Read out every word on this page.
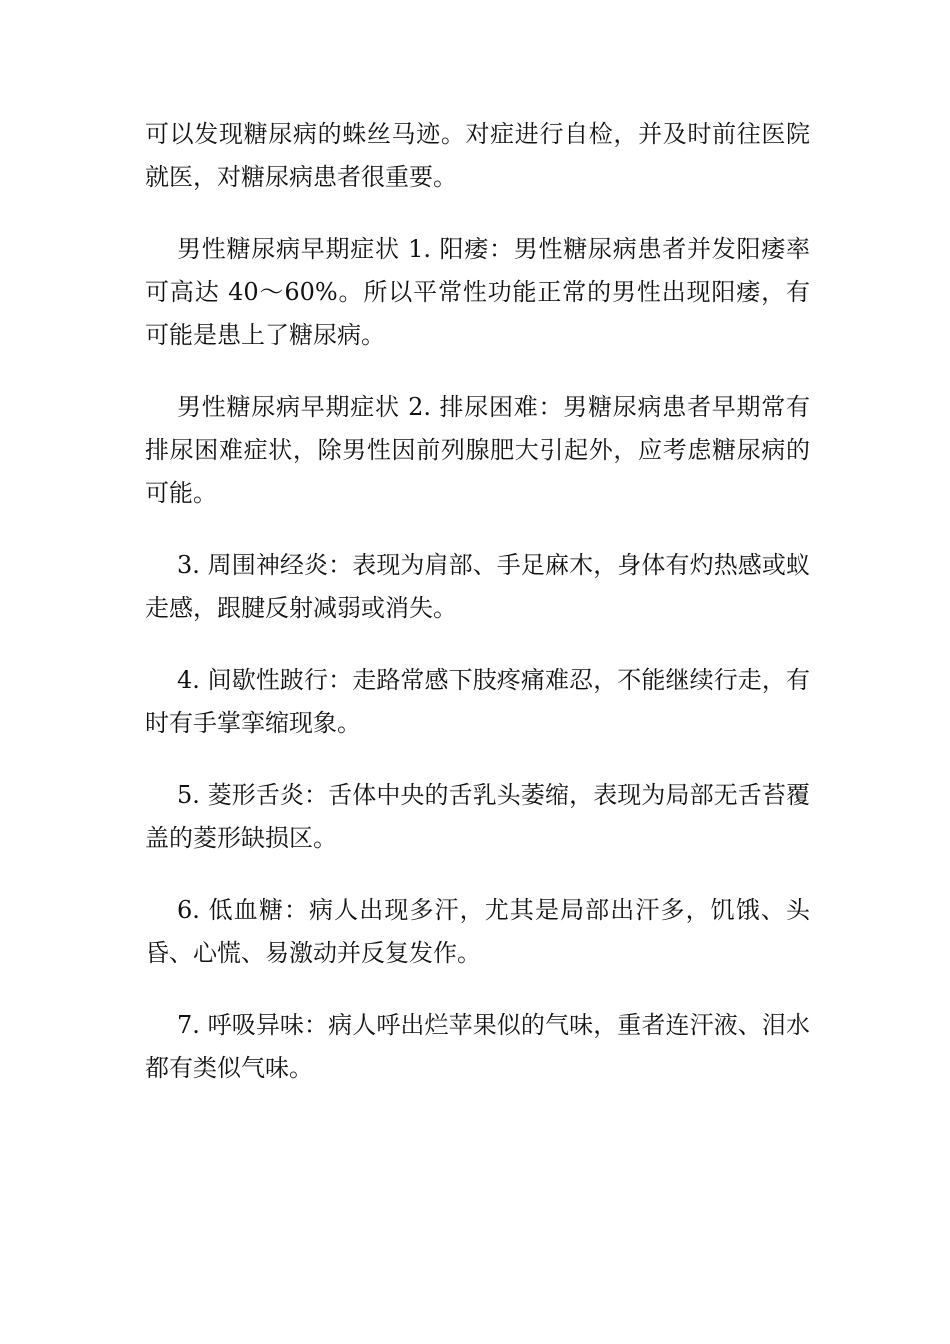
可以发现糖尿病的蛛丝马迹。对症进行自检，并及时前往医院就医，对糖尿病患者很重要。

男性糖尿病早期症状 1. 阳痿：男性糖尿病患者并发阳痿率可高达 40～60%。所以平常性功能正常的男性出现阳痿，有可能是患上了糖尿病。

男性糖尿病早期症状 2. 排尿困难：男糖尿病患者早期常有排尿困难症状，除男性因前列腺肥大引起外，应考虑糖尿病的可能。

3. 周围神经炎：表现为肩部、手足麻木，身体有灼热感或蚁走感，跟腱反射减弱或消失。

4. 间歇性跛行：走路常感下肢疼痛难忍，不能继续行走，有时有手掌挛缩现象。

5. 菱形舌炎：舌体中央的舌乳头萎缩，表现为局部无舌苔覆盖的菱形缺损区。

6. 低血糖：病人出现多汗，尤其是局部出汗多，饥饿、头昏、心慌、易激动并反复发作。

7. 呼吸异味：病人呼出烂苹果似的气味，重者连汗液、泪水都有类似气味。
